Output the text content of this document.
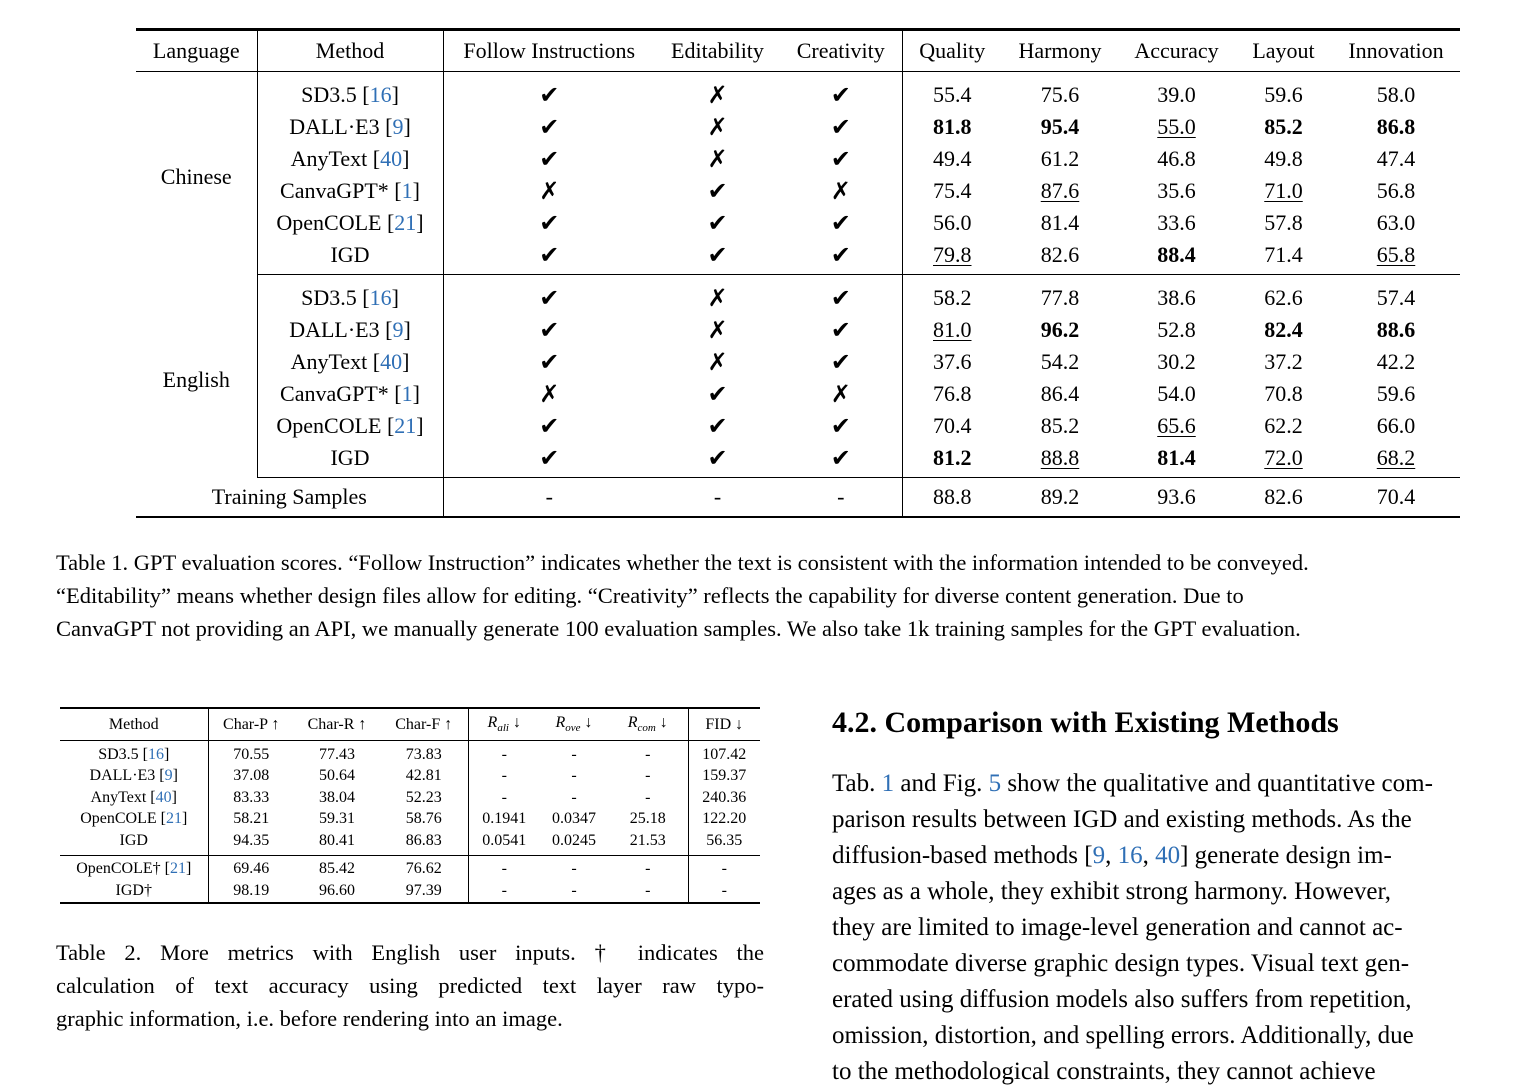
Language	Method	Follow Instructions	Editability	Creativity	Quality	Harmony	Accuracy	Layout	Innovation
Chinese	SD3.5 [16]	✔	✗	✔	55.4	75.6	39.0	59.6	58.0
	DALL·E3 [9]	✔	✗	✔	81.8	95.4	55.0	85.2	86.8
	AnyText [40]	✔	✗	✔	49.4	61.2	46.8	49.8	47.4
	CanvaGPT* [1]	✗	✔	✗	75.4	87.6	35.6	71.0	56.8
	OpenCOLE [21]	✔	✔	✔	56.0	81.4	33.6	57.8	63.0
	IGD	✔	✔	✔	79.8	82.6	88.4	71.4	65.8
English	SD3.5 [16]	✔	✗	✔	58.2	77.8	38.6	62.6	57.4
	DALL·E3 [9]	✔	✗	✔	81.0	96.2	52.8	82.4	88.6
	AnyText [40]	✔	✗	✔	37.6	54.2	30.2	37.2	42.2
	CanvaGPT* [1]	✗	✔	✗	76.8	86.4	54.0	70.8	59.6
	OpenCOLE [21]	✔	✔	✔	70.4	85.2	65.6	62.2	66.0
	IGD	✔	✔	✔	81.2	88.8	81.4	72.0	68.2
Training Samples		-	-	-	88.8	89.2	93.6	82.6	70.4
Table 1. GPT evaluation scores. “Follow Instruction” indicates whether the text is consistent with the information intended to be conveyed.
“Editability” means whether design files allow for editing. “Creativity” reflects the capability for diverse content generation. Due to
CanvaGPT not providing an API, we manually generate 100 evaluation samples. We also take 1k training samples for the GPT evaluation.
Method	Char-P ↑	Char-R ↑	Char-F ↑	$R_{ali}$ ↓	$R_{ove}$ ↓	$R_{com}$ ↓	FID ↓
SD3.5 [16]	70.55	77.43	73.83	-	-	-	107.42
DALL·E3 [9]	37.08	50.64	42.81	-	-	-	159.37
AnyText [40]	83.33	38.04	52.23	-	-	-	240.36
OpenCOLE [21]	58.21	59.31	58.76	0.1941	0.0347	25.18	122.20
IGD	94.35	80.41	86.83	0.0541	0.0245	21.53	56.35
OpenCOLE† [21]	69.46	85.42	76.62	-	-	-	-
IGD†	98.19	96.60	97.39	-	-	-	-
Table 2. More metrics with English user inputs. † indicates the
calculation of text accuracy using predicted text layer raw typo-
graphic information, i.e. before rendering into an image.
4.2. Comparison with Existing Methods
Tab. 1 and Fig. 5 show the qualitative and quantitative com-
parison results between IGD and existing methods. As the
diffusion-based methods [9, 16, 40] generate design im-
ages as a whole, they exhibit strong harmony. However,
they are limited to image-level generation and cannot ac-
commodate diverse graphic design types. Visual text gen-
erated using diffusion models also suffers from repetition,
omission, distortion, and spelling errors. Additionally, due
to the methodological constraints, they cannot achieve
